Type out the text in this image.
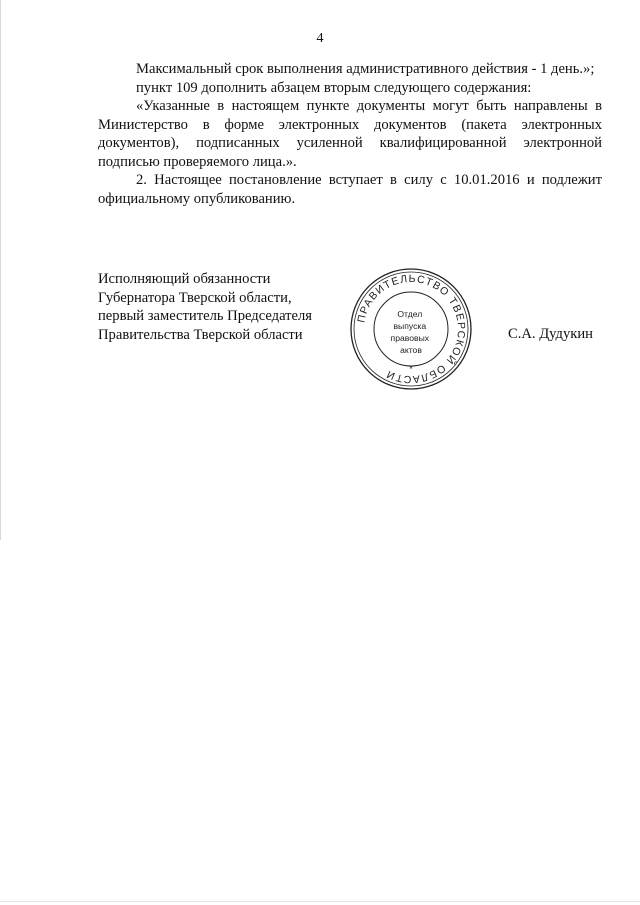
4

Максимальный срок выполнения административного действия - 1 день.»;

пункт 109 дополнить абзацем вторым следующего содержания:

«Указанные в настоящем пункте документы могут быть направлены в Министерство в форме электронных документов (пакета электронных документов), подписанных усиленной квалифицированной электронной подписью проверяемого лица.».

2. Настоящее постановление вступает в силу с 10.01.2016 и подлежит официальному опубликованию.

Исполняющий обязанности
Губернатора Тверской области,
первый заместитель Председателя
Правительства Тверской области
ПРАВИТЕЛЬСТВО ТВЕРСКОЙ ОБЛАСТИ	*
Отдел выпуска правовых актов
С.А. Дудукин
